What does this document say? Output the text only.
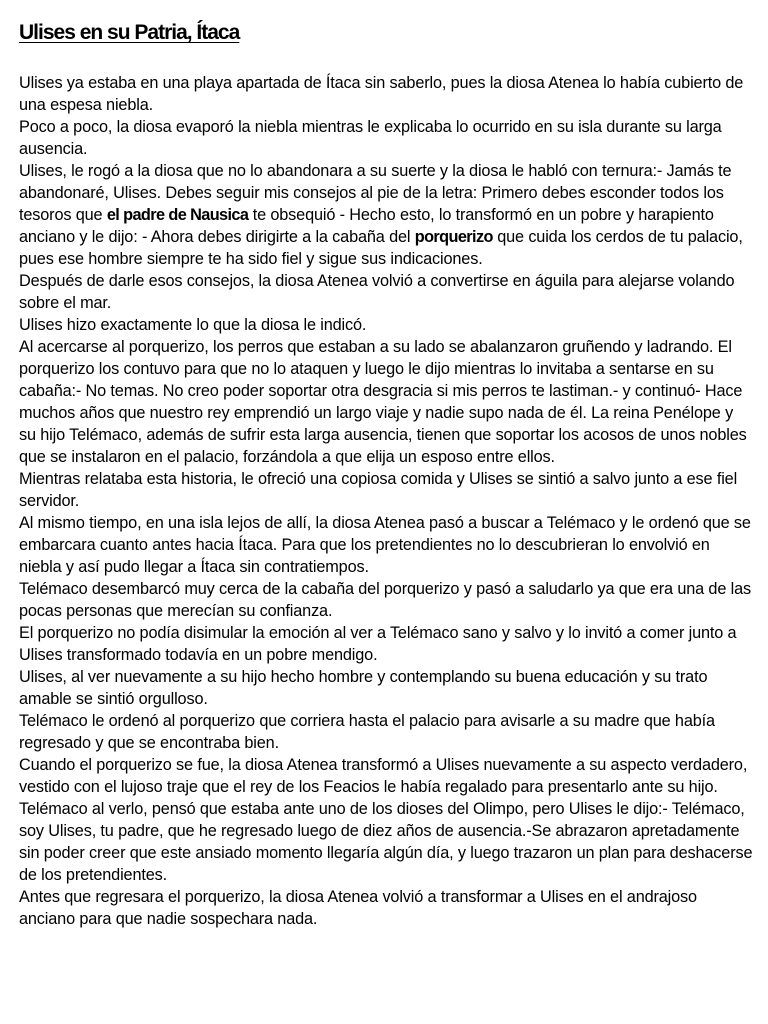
Ulises en su Patria, Ítaca

Ulises ya estaba en una playa apartada de Ítaca sin saberlo, pues la diosa Atenea lo había cubierto de una espesa niebla.

Poco a poco, la diosa evaporó la niebla mientras le explicaba lo ocurrido en su isla durante su larga ausencia.

Ulises, le rogó a la diosa que no lo abandonara a su suerte y la diosa le habló con ternura:- Jamás te abandonaré, Ulises. Debes seguir mis consejos al pie de la letra: Primero debes esconder todos los tesoros que el padre de Nausica te obsequió - Hecho esto, lo transformó en un pobre y harapiento anciano y le dijo: - Ahora debes dirigirte a la cabaña del porquerizo que cuida los cerdos de tu palacio, pues ese hombre siempre te ha sido fiel y sigue sus indicaciones.

Después de darle esos consejos, la diosa Atenea volvió a convertirse en águila para alejarse volando sobre el mar.

Ulises hizo exactamente lo que la diosa le indicó.

Al acercarse al porquerizo, los perros que estaban a su lado se abalanzaron gruñendo y ladrando. El porquerizo los contuvo para que no lo ataquen y luego le dijo mientras lo invitaba a sentarse en su cabaña:- No temas. No creo poder soportar otra desgracia si mis perros te lastiman.- y continuó- Hace muchos años que nuestro rey emprendió un largo viaje y nadie supo nada de él. La reina Penélope y su hijo Telémaco, además de sufrir esta larga ausencia, tienen que soportar los acosos de unos nobles que se instalaron en el palacio, forzándola a que elija un esposo entre ellos.

Mientras relataba esta historia, le ofreció una copiosa comida y Ulises se sintió a salvo junto a ese fiel servidor.

Al mismo tiempo, en una isla lejos de allí, la diosa Atenea pasó a buscar a Telémaco y le ordenó que se embarcara cuanto antes hacia Ítaca. Para que los pretendientes no lo descubrieran lo envolvió en niebla y así pudo llegar a Ítaca sin contratiempos.

Telémaco desembarcó muy cerca de la cabaña del porquerizo y pasó a saludarlo ya que era una de las pocas personas que merecían su confianza.

El porquerizo no podía disimular la emoción al ver a Telémaco sano y salvo y lo invitó a comer junto a Ulises transformado todavía en un pobre mendigo.

Ulises, al ver nuevamente a su hijo hecho hombre y contemplando su buena educación y su trato amable se sintió orgulloso.

Telémaco le ordenó al porquerizo que corriera hasta el palacio para avisarle a su madre que había regresado y que se encontraba bien.

Cuando el porquerizo se fue, la diosa Atenea transformó a Ulises nuevamente a su aspecto verdadero, vestido con el lujoso traje que el rey de los Feacios le había regalado para presentarlo ante su hijo. Telémaco al verlo, pensó que estaba ante uno de los dioses del Olimpo, pero Ulises le dijo:- Telémaco, soy Ulises, tu padre, que he regresado luego de diez años de ausencia.-Se abrazaron apretadamente sin poder creer que este ansiado momento llegaría algún día, y luego trazaron un plan para deshacerse de los pretendientes.

Antes que regresara el porquerizo, la diosa Atenea volvió a transformar a Ulises en el andrajoso anciano para que nadie sospechara nada.
